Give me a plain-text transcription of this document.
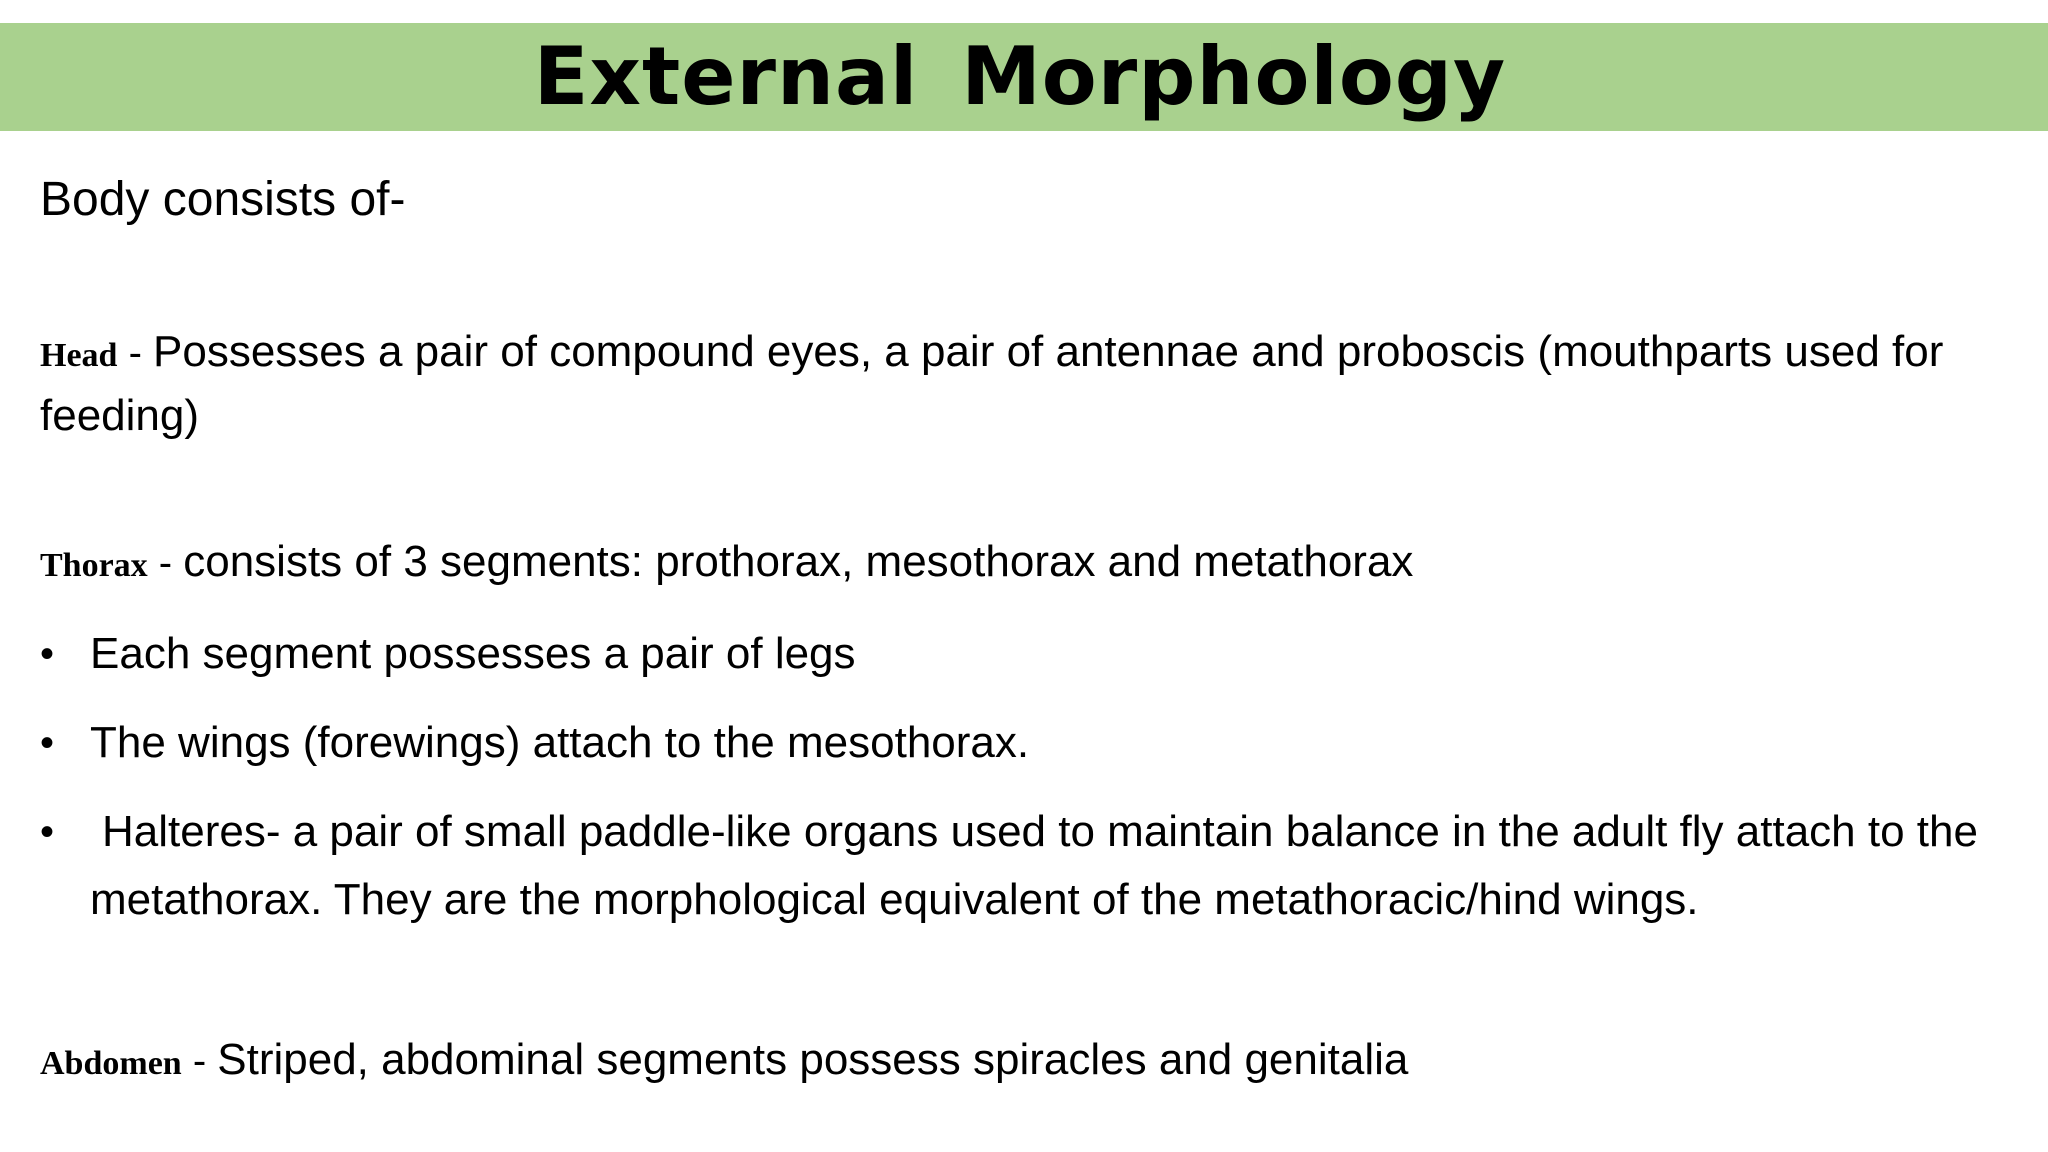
External Morphology

Body consists of-

Head - Possesses a pair of compound eyes, a pair of antennae and proboscis (mouthparts used for feeding)

Thorax - consists of 3 segments: prothorax, mesothorax and metathorax

• Each segment possesses a pair of legs
• The wings (forewings) attach to the mesothorax.
•	Halteres- a pair of small paddle-like organs used to maintain balance in the adult fly attach to the metathorax. They are the morphological equivalent of the metathoracic/hind wings.

Abdomen - Striped, abdominal segments possess spiracles and genitalia
